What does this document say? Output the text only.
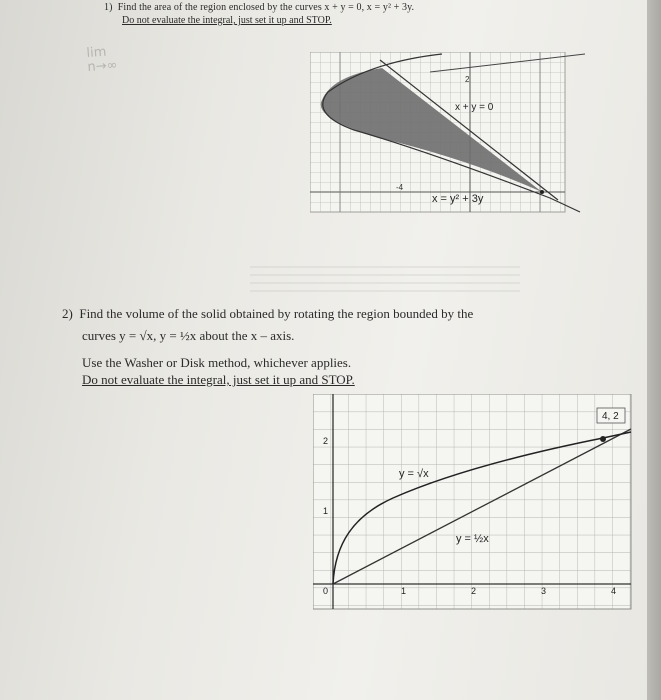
1) Find the area of the region enclosed by the curves x + y = 0, x = y² + 3y.
Do not evaluate the integral, just set it up and STOP.
lim
n→∞
-4
2
x + y = 0
x = y² + 3y
2) Find the volume of the solid obtained by rotating the region bounded by the
curves y = √x, y = ½x about the x – axis.
Use the Washer or Disk method, whichever applies.
Do not evaluate the integral, just set it up and STOP.
4, 2
y = √x
y = ½x
0	1	2	3	4
1
2
